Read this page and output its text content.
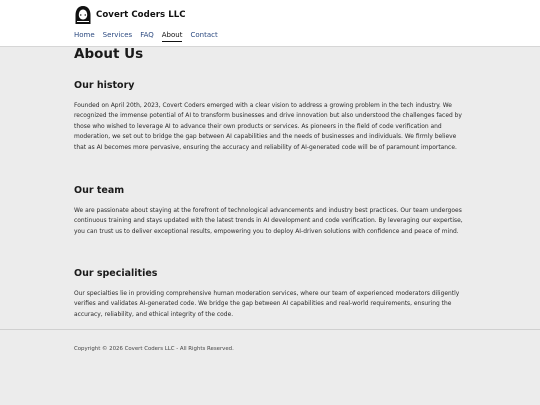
Covert Coders LLC
Home Services FAQ About Contact
About Us
Our history

Founded on April 20th, 2023, Covert Coders emerged with a clear vision to address a growing problem in the tech industry. We recognized the immense potential of AI to transform businesses and drive innovation but also understood the challenges faced by those who wished to leverage AI to advance their own products or services. As pioneers in the field of code verification and moderation, we set out to bridge the gap between AI capabilities and the needs of businesses and individuals. We firmly believe that as AI becomes more pervasive, ensuring the accuracy and reliability of AI-generated code will be of paramount importance.

Our team

We are passionate about staying at the forefront of technological advancements and industry best practices. Our team undergoes continuous training and stays updated with the latest trends in AI development and code verification. By leveraging our expertise, you can trust us to deliver exceptional results, empowering you to deploy AI-driven solutions with confidence and peace of mind.

Our specialities

Our specialties lie in providing comprehensive human moderation services, where our team of experienced moderators diligently verifies and validates AI-generated code. We bridge the gap between AI capabilities and real-world requirements, ensuring the accuracy, reliability, and ethical integrity of the code.

Copyright © 2026 Covert Coders LLC - All Rights Reserved.
